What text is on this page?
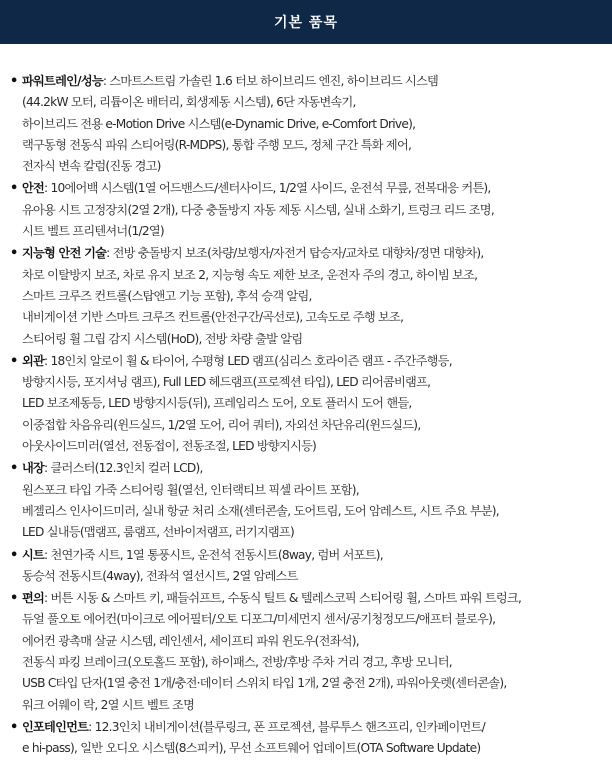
기본 품목
• 파워트레인/성능: 스마트스트림 가솔린 1.6 터보 하이브리드 엔진, 하이브리드 시스템
(44.2kW 모터, 리튬이온 배터리, 회생제동 시스템), 6단 자동변속기,
하이브리드 전용 e-Motion Drive 시스템(e-Dynamic Drive, e-Comfort Drive),
랙구동형 전동식 파워 스티어링(R-MDPS), 통합 주행 모드, 정체 구간 특화 제어,
전자식 변속 칼럼(진동 경고)
• 안전: 10에어백 시스템(1열 어드밴스드/센터사이드, 1/2열 사이드, 운전석 무릎, 전복대응 커튼),
유아용 시트 고정장치(2열 2개), 다중 충돌방지 자동 제동 시스템, 실내 소화기, 트렁크 리드 조명,
시트 벨트 프리텐셔너(1/2열)
• 지능형 안전 기술: 전방 충돌방지 보조(차량/보행자/자전거 탑승자/교차로 대향차/정면 대향차),
차로 이탈방지 보조, 차로 유지 보조 2, 지능형 속도 제한 보조, 운전자 주의 경고, 하이빔 보조,
스마트 크루즈 컨트롤(스탑앤고 기능 포함), 후석 승객 알림,
내비게이션 기반 스마트 크루즈 컨트롤(안전구간/곡선로), 고속도로 주행 보조,
스티어링 휠 그립 감지 시스템(HoD), 전방 차량 출발 알림
• 외관: 18인치 알로이 휠 & 타이어, 수평형 LED 램프(심리스 호라이즌 램프 - 주간주행등,
방향지시등, 포지셔닝 램프), Full LED 헤드램프(프로젝션 타입), LED 리어콤비램프,
LED 보조제동등, LED 방향지시등(뒤), 프레임리스 도어, 오토 플러시 도어 핸들,
이중접합 차음유리(윈드실드, 1/2열 도어, 리어 쿼터), 자외선 차단유리(윈드실드),
아웃사이드미러(열선, 전동접이, 전동조절, LED 방향지시등)
• 내장: 클러스터(12.3인치 컬러 LCD),
원스포크 타입 가죽 스티어링 휠(열선, 인터랙티브 픽셀 라이트 포함),
베젤리스 인사이드미러, 실내 항균 처리 소재(센터콘솔, 도어트림, 도어 암레스트, 시트 주요 부분),
LED 실내등(맵램프, 룸램프, 선바이저램프, 러기지램프)
• 시트: 천연가죽 시트, 1열 통풍시트, 운전석 전동시트(8way, 럼버 서포트),
동승석 전동시트(4way), 전좌석 열선시트, 2열 암레스트
• 편의: 버튼 시동 & 스마트 키, 패들쉬프트, 수동식 틸트 & 텔레스코픽 스티어링 휠, 스마트 파워 트렁크,
듀얼 풀오토 에어컨(마이크로 에어필터/오토 디포그/미세먼지 센서/공기청정모드/애프터 블로우),
에어컨 광촉매 살균 시스템, 레인센서, 세이프티 파워 윈도우(전좌석),
전동식 파킹 브레이크(오토홀드 포함), 하이패스, 전방/후방 주차 거리 경고, 후방 모니터,
USB C타입 단자(1열 충전 1개/충전·데이터 스위치 타입 1개, 2열 충전 2개), 파워아웃렛(센터콘솔),
워크 어웨이 락, 2열 시트 벨트 조명
• 인포테인먼트: 12.3인치 내비게이션(블루링크, 폰 프로젝션, 블루투스 핸즈프리, 인카페이먼트/
e hi-pass), 일반 오디오 시스템(8스피커), 무선 소프트웨어 업데이트(OTA Software Update)
